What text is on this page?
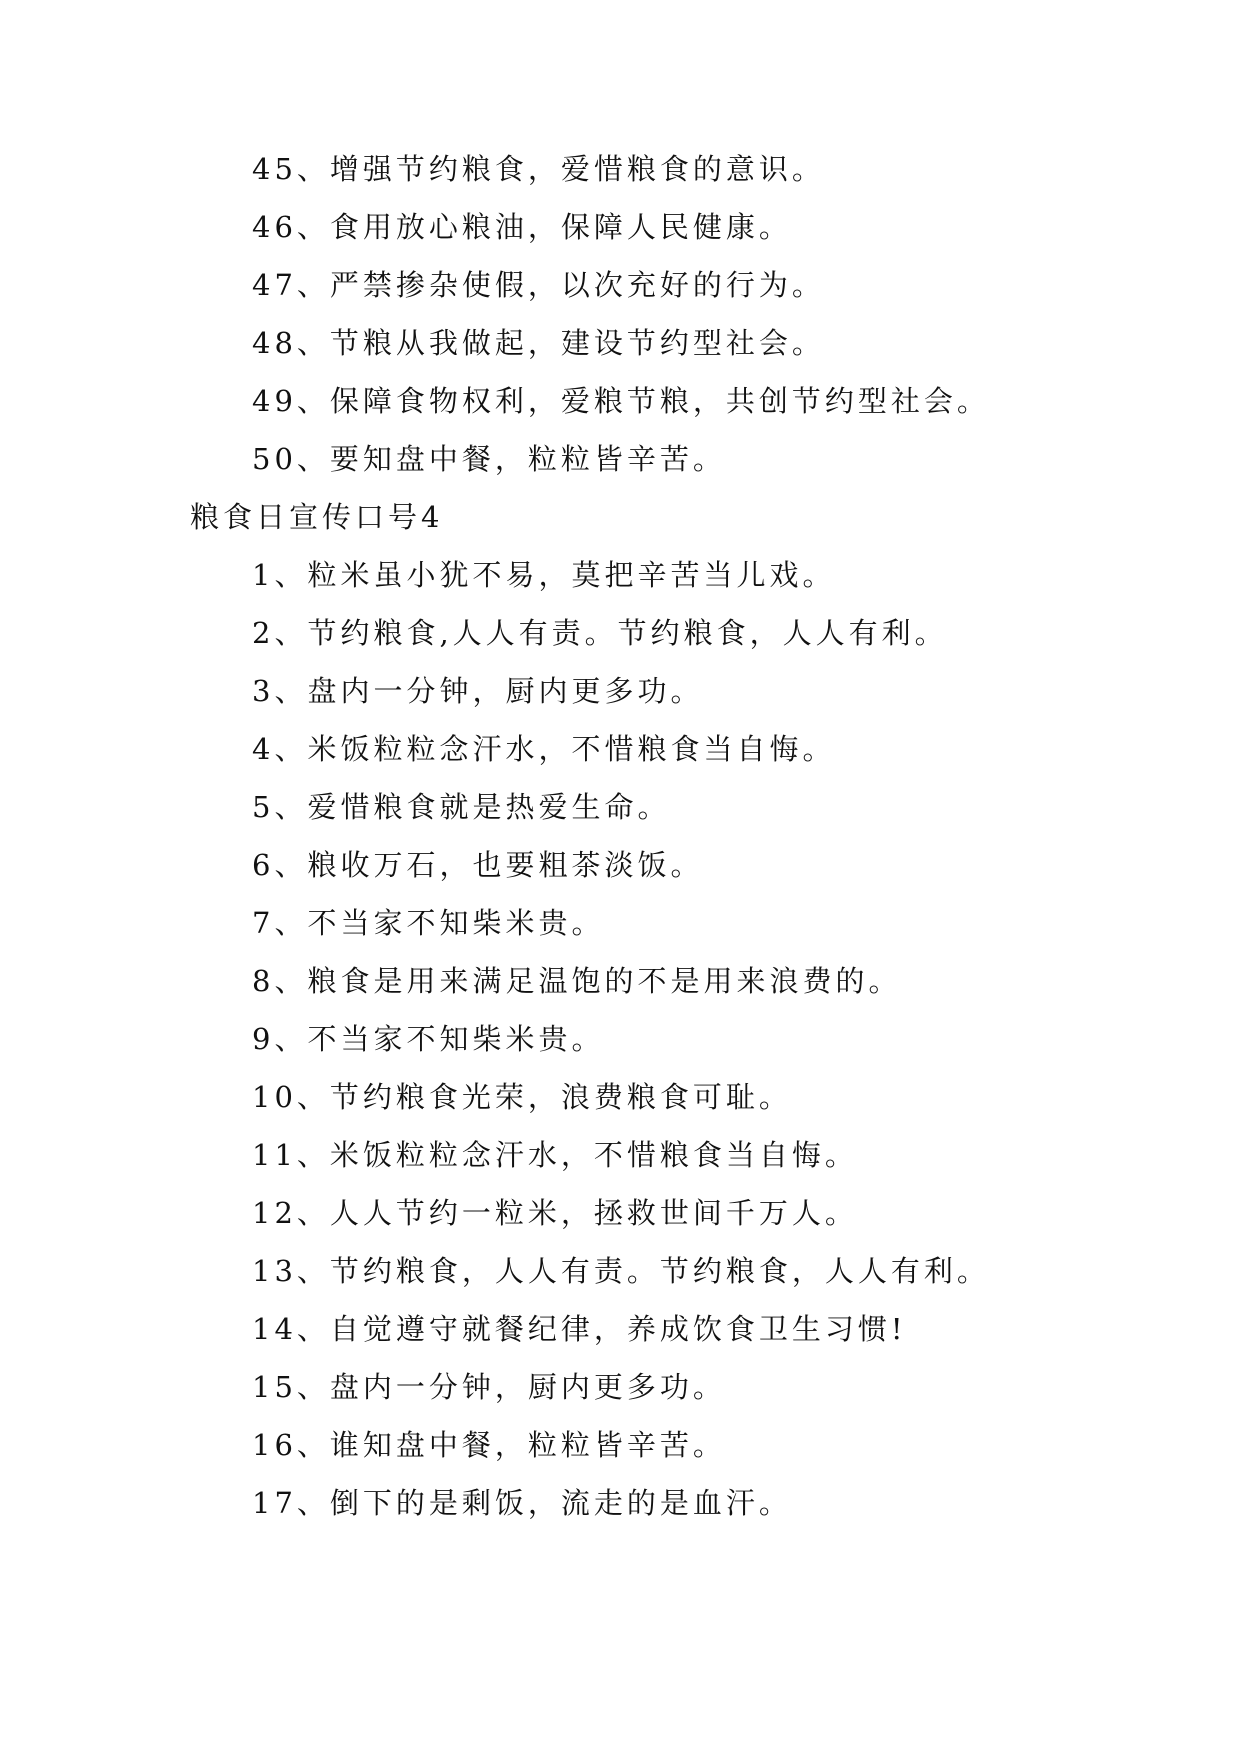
45、增强节约粮食，爱惜粮食的意识。
46、食用放心粮油，保障人民健康。
47、严禁掺杂使假，以次充好的行为。
48、节粮从我做起，建设节约型社会。
49、保障食物权利，爱粮节粮，共创节约型社会。
50、要知盘中餐，粒粒皆辛苦。
粮食日宣传口号4
1、粒米虽小犹不易，莫把辛苦当儿戏。
2、节约粮食,人人有责。节约粮食，人人有利。
3、盘内一分钟，厨内更多功。
4、米饭粒粒念汗水，不惜粮食当自悔。
5、爱惜粮食就是热爱生命。
6、粮收万石，也要粗茶淡饭。
7、不当家不知柴米贵。
8、粮食是用来满足温饱的不是用来浪费的。
9、不当家不知柴米贵。
10、节约粮食光荣，浪费粮食可耻。
11、米饭粒粒念汗水，不惜粮食当自悔。
12、人人节约一粒米，拯救世间千万人。
13、节约粮食，人人有责。节约粮食，人人有利。
14、自觉遵守就餐纪律，养成饮食卫生习惯!
15、盘内一分钟，厨内更多功。
16、谁知盘中餐，粒粒皆辛苦。
17、倒下的是剩饭，流走的是血汗。
